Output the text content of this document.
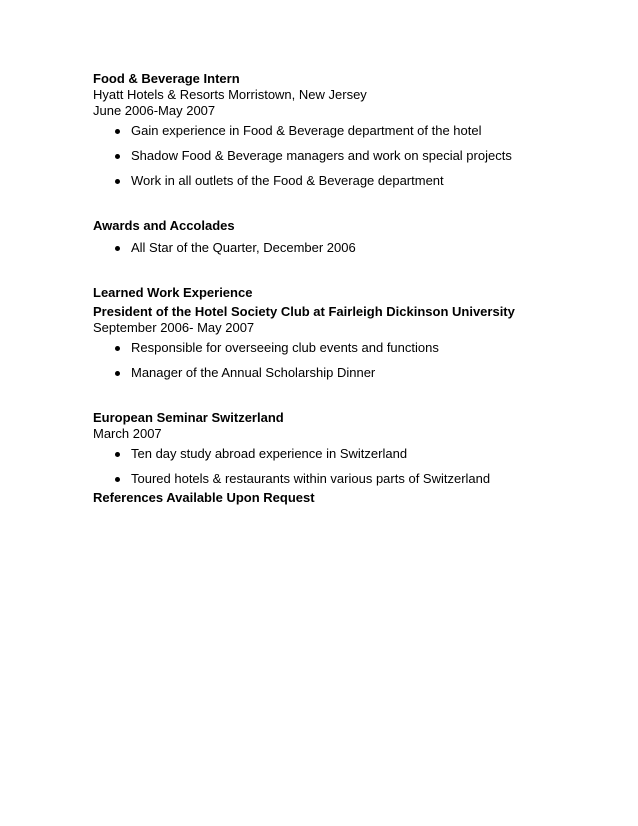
Food & Beverage Intern
Hyatt Hotels & Resorts Morristown, New Jersey
June 2006-May 2007
Gain experience in Food & Beverage department of the hotel
Shadow Food & Beverage managers and work on special projects
Work in all outlets of the Food & Beverage department
Awards and Accolades
All Star of the Quarter, December 2006
Learned Work Experience
President of the Hotel Society Club at Fairleigh Dickinson University
September 2006- May 2007
Responsible for overseeing club events and functions
Manager of the Annual Scholarship Dinner
European Seminar Switzerland
March 2007
Ten day study abroad experience in Switzerland
Toured hotels & restaurants within various parts of Switzerland
References Available Upon Request
